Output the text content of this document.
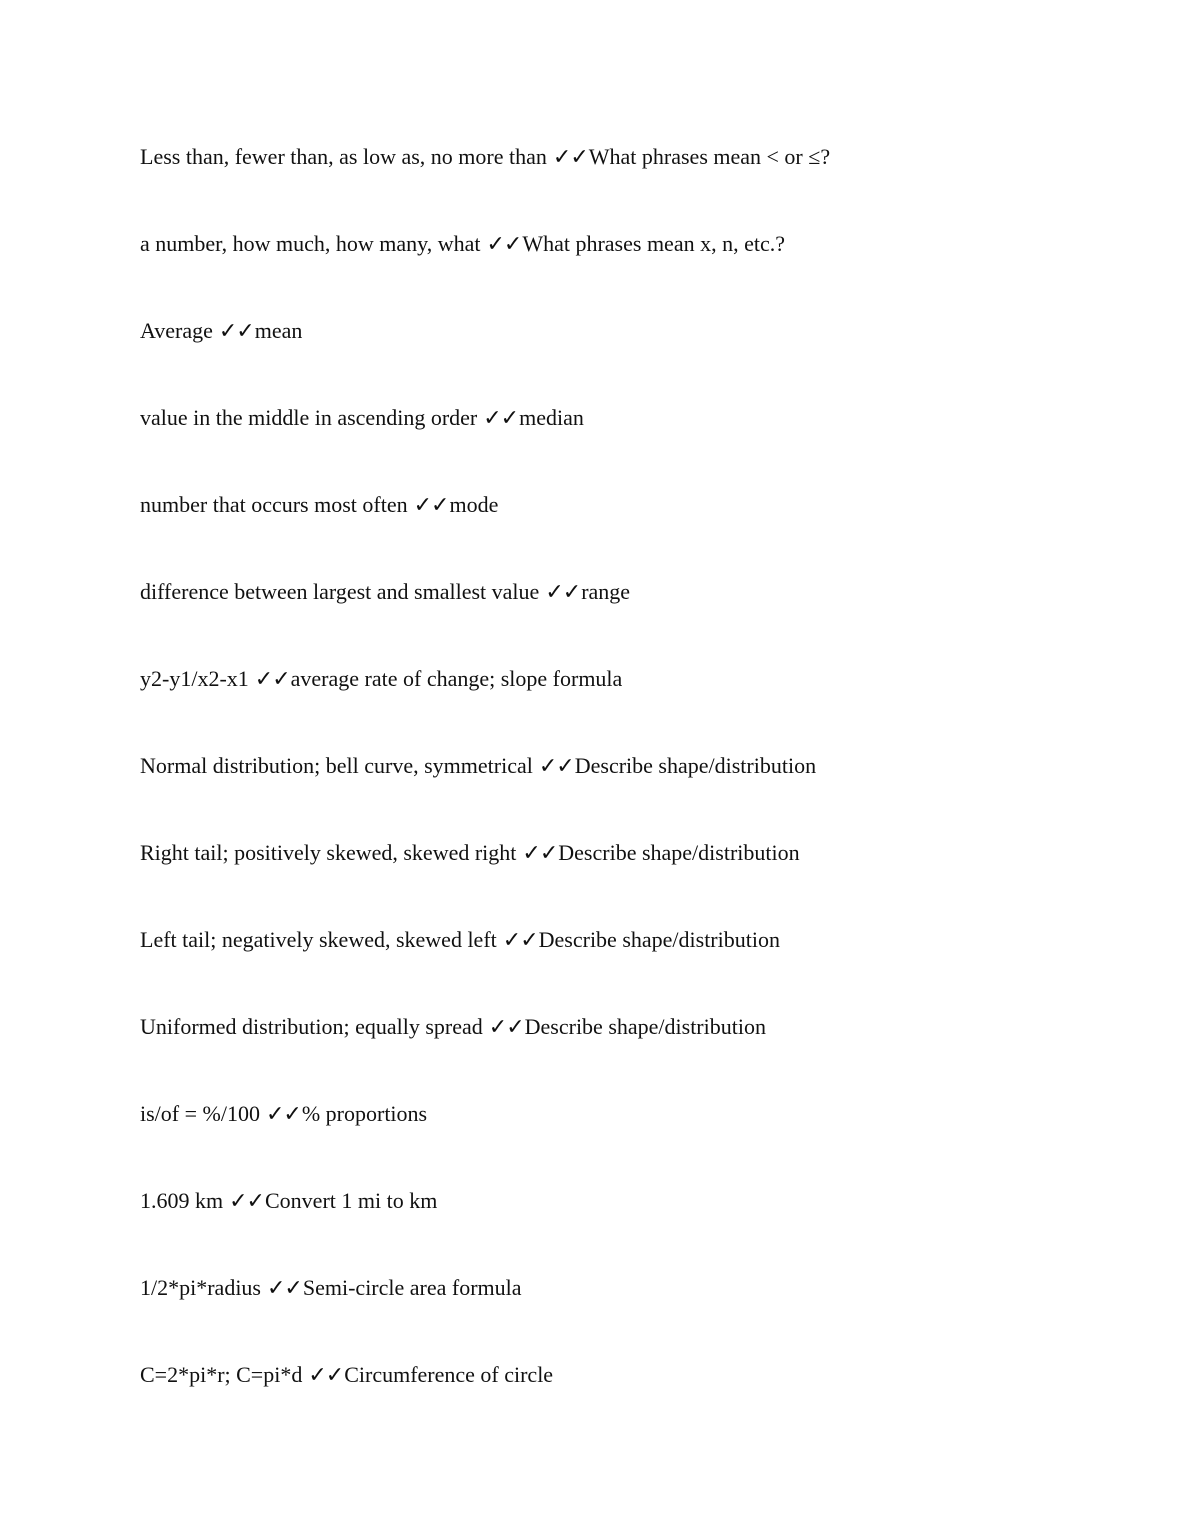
Less than, fewer than, as low as, no more than ✓✓What phrases mean < or ≤?
a number, how much, how many, what ✓✓What phrases mean x, n, etc.?
Average ✓✓mean
value in the middle in ascending order ✓✓median
number that occurs most often ✓✓mode
difference between largest and smallest value ✓✓range
y2-y1/x2-x1 ✓✓average rate of change; slope formula
Normal distribution; bell curve, symmetrical ✓✓Describe shape/distribution
Right tail; positively skewed, skewed right ✓✓Describe shape/distribution
Left tail; negatively skewed, skewed left ✓✓Describe shape/distribution
Uniformed distribution; equally spread ✓✓Describe shape/distribution
is/of = %/100 ✓✓% proportions
1.609 km ✓✓Convert 1 mi to km
1/2*pi*radius ✓✓Semi-circle area formula
C=2*pi*r; C=pi*d ✓✓Circumference of circle
